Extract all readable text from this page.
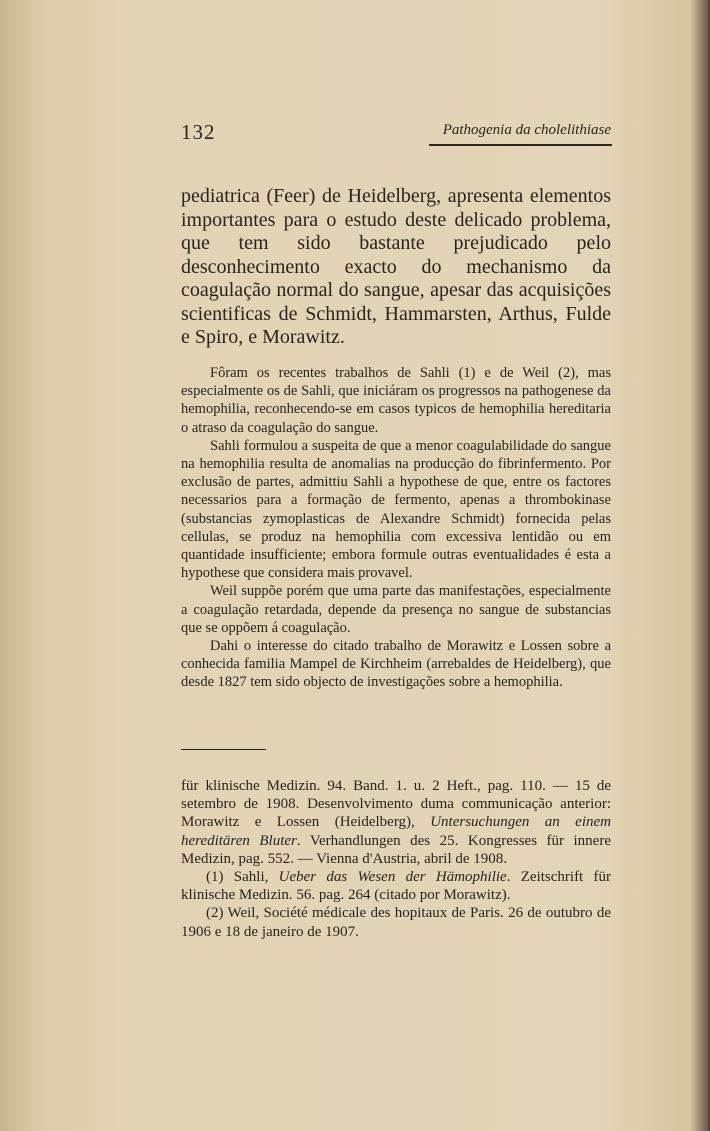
132	Pathogenia da cholelithiase

pediatrica (Feer) de Heidelberg, apresenta elementos importantes para o estudo deste delicado problema, que tem sido bastante prejudicado pelo desconhecimento exacto do mechanismo da coagulação normal do sangue, apesar das acquisições scientificas de Schmidt, Hammarsten, Arthus, Fulde e Spiro, e Morawitz.

Fôram os recentes trabalhos de Sahli (1) e de Weil (2), mas especialmente os de Sahli, que iniciáram os progressos na pathogenese da hemophilia, reconhecendo-se em casos typicos de hemophilia hereditaria o atraso da coagulação do sangue.

Sahli formulou a suspeita de que a menor coagulabilidade do sangue na hemophilia resulta de anomalias na producção do fibrinfermento. Por exclusão de partes, admittiu Sahli a hypothese de que, entre os factores necessarios para a formação de fermento, apenas a thrombokinase (substancias zymoplasticas de Alexandre Schmidt) fornecida pelas cellulas, se produz na hemophilia com excessiva lentidão ou em quantidade insufficiente; embora formule outras eventualidades é esta a hypothese que considera mais provavel.

Weil suppõe porém que uma parte das manifestações, especialmente a coagulação retardada, depende da presença no sangue de substancias que se oppõem á coagulação.

Dahi o interesse do citado trabalho de Morawitz e Lossen sobre a conhecida familia Mampel de Kirchheim (arrebaldes de Heidelberg), que desde 1827 tem sido objecto de investigações sobre a hemophilia.

für klinische Medizin. 94. Band. 1. u. 2 Heft., pag. 110. — 15 de setembro de 1908. Desenvolvimento duma communicação anterior: Morawitz e Lossen (Heidelberg), Untersuchungen an einem hereditären Bluter. Verhandlungen des 25. Kongresses für innere Medizin, pag. 552. — Vienna d'Austria, abril de 1908.

(1) Sahli, Ueber das Wesen der Hämophilie. Zeitschrift für klinische Medizin. 56. pag. 264 (citado por Morawitz).

(2) Weil, Société médicale des hopitaux de Paris. 26 de outubro de 1906 e 18 de janeiro de 1907.
